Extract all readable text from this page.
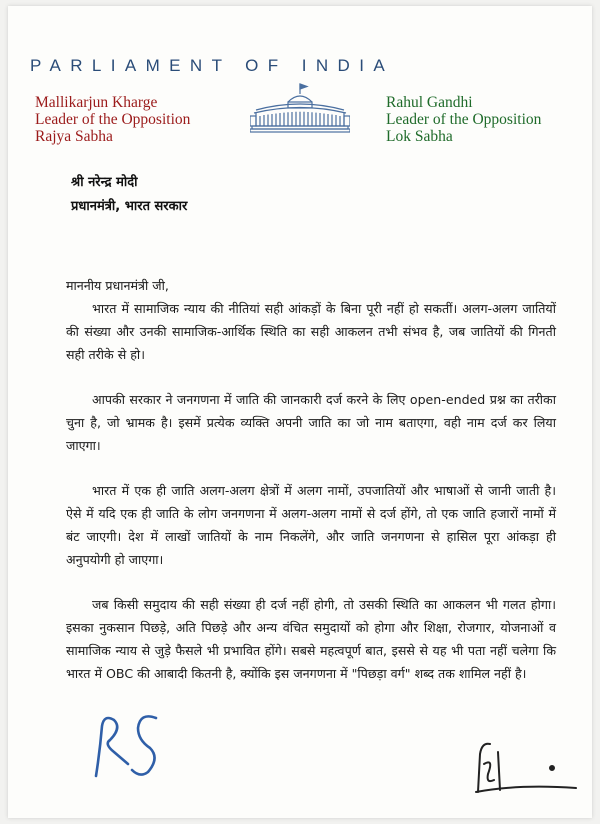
PARLIAMENT OF INDIA
Mallikarjun Kharge
Leader of the Opposition
Rajya Sabha
Rahul Gandhi
Leader of the Opposition
Lok Sabha
श्री नरेन्द्र मोदी
प्रधानमंत्री, भारत सरकार

माननीय प्रधानमंत्री जी,

भारत में सामाजिक न्याय की नीतियां सही आंकड़ों के बिना पूरी नहीं हो सकतीं। अलग-अलग जातियों की संख्या और उनकी सामाजिक-आर्थिक स्थिति का सही आकलन तभी संभव है, जब जातियों की गिनती सही तरीके से हो।

आपकी सरकार ने जनगणना में जाति की जानकारी दर्ज करने के लिए open-ended प्रश्न का तरीका चुना है, जो भ्रामक है। इसमें प्रत्येक व्यक्ति अपनी जाति का जो नाम बताएगा, वही नाम दर्ज कर लिया जाएगा।

भारत में एक ही जाति अलग-अलग क्षेत्रों में अलग नामों, उपजातियों और भाषाओं से जानी जाती है। ऐसे में यदि एक ही जाति के लोग जनगणना में अलग-अलग नामों से दर्ज होंगे, तो एक जाति हजारों नामों में बंट जाएगी। देश में लाखों जातियों के नाम निकलेंगे, और जाति जनगणना से हासिल पूरा आंकड़ा ही अनुपयोगी हो जाएगा।

जब किसी समुदाय की सही संख्या ही दर्ज नहीं होगी, तो उसकी स्थिति का आकलन भी गलत होगा। इसका नुकसान पिछड़े, अति पिछड़े और अन्य वंचित समुदायों को होगा और शिक्षा, रोजगार, योजनाओं व सामाजिक न्याय से जुड़े फैसले भी प्रभावित होंगे। सबसे महत्वपूर्ण बात, इससे से यह भी पता नहीं चलेगा कि भारत में OBC की आबादी कितनी है, क्योंकि इस जनगणना में "पिछड़ा वर्ग" शब्द तक शामिल नहीं है।
